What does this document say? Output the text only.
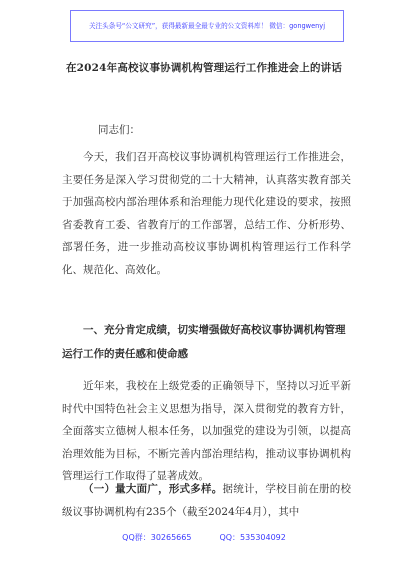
关注头条号“公文研究”，获得最新最全最专业的公文资料库！ 微信：gongwenyj
在2024年高校议事协调机构管理运行工作推进会上的讲话
同志们：

今天，我们召开高校议事协调机构管理运行工作推进会，主要任务是深入学习贯彻党的二十大精神，认真落实教育部关于加强高校内部治理体系和治理能力现代化建设的要求，按照省委教育工委、省教育厅的工作部署，总结工作、分析形势、部署任务，进一步推动高校议事协调机构管理运行工作科学化、规范化、高效化。

一、充分肯定成绩，切实增强做好高校议事协调机构管理运行工作的责任感和使命感

近年来，我校在上级党委的正确领导下，坚持以习近平新时代中国特色社会主义思想为指导，深入贯彻党的教育方针，全面落实立德树人根本任务，以加强党的建设为引领，以提高治理效能为目标，不断完善内部治理结构，推动议事协调机构管理运行工作取得了显著成效。

（一）量大面广，形式多样。据统计，学校目前在册的校级议事协调机构有235个（截至2024年4月），其中

QQ群：30265665	QQ：535304092
